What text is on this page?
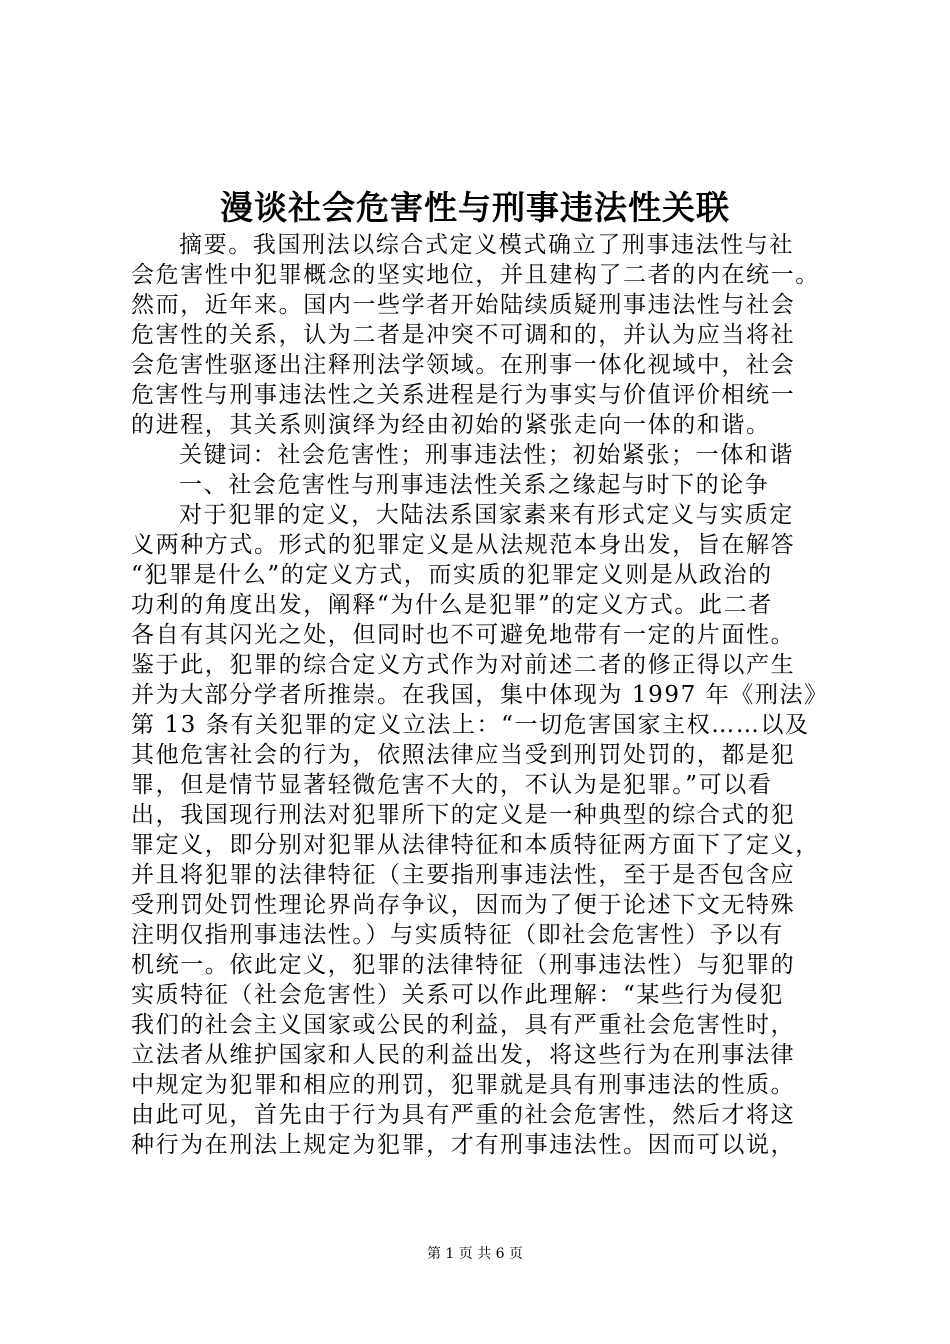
漫谈社会危害性与刑事违法性关联
摘要。我国刑法以综合式定义模式确立了刑事违法性与社
会危害性中犯罪概念的坚实地位，并且建构了二者的内在统一。
然而，近年来。国内一些学者开始陆续质疑刑事违法性与社会
危害性的关系，认为二者是冲突不可调和的，并认为应当将社
会危害性驱逐出注释刑法学领域。在刑事一体化视域中，社会
危害性与刑事违法性之关系进程是行为事实与价值评价相统一
的进程，其关系则演绎为经由初始的紧张走向一体的和谐。
关键词：社会危害性；刑事违法性；初始紧张；一体和谐
一、社会危害性与刑事违法性关系之缘起与时下的论争
对于犯罪的定义，大陆法系国家素来有形式定义与实质定
义两种方式。形式的犯罪定义是从法规范本身出发，旨在解答
“犯罪是什么”的定义方式，而实质的犯罪定义则是从政治的
功利的角度出发，阐释“为什么是犯罪”的定义方式。此二者
各自有其闪光之处，但同时也不可避免地带有一定的片面性。
鉴于此，犯罪的综合定义方式作为对前述二者的修正得以产生
并为大部分学者所推崇。在我国，集中体现为 1997 年《刑法》
第 13 条有关犯罪的定义立法上：“一切危害国家主权……以及
其他危害社会的行为，依照法律应当受到刑罚处罚的，都是犯
罪，但是情节显著轻微危害不大的，不认为是犯罪。”可以看
出，我国现行刑法对犯罪所下的定义是一种典型的综合式的犯
罪定义，即分别对犯罪从法律特征和本质特征两方面下了定义，
并且将犯罪的法律特征（主要指刑事违法性，至于是否包含应
受刑罚处罚性理论界尚存争议，因而为了便于论述下文无特殊
注明仅指刑事违法性。）与实质特征（即社会危害性）予以有
机统一。依此定义，犯罪的法律特征（刑事违法性）与犯罪的
实质特征（社会危害性）关系可以作此理解：“某些行为侵犯
我们的社会主义国家或公民的利益，具有严重社会危害性时，
立法者从维护国家和人民的利益出发，将这些行为在刑事法律
中规定为犯罪和相应的刑罚，犯罪就是具有刑事违法的性质。
由此可见，首先由于行为具有严重的社会危害性，然后才将这
种行为在刑法上规定为犯罪，才有刑事违法性。因而可以说，
第 1 页 共 6 页
